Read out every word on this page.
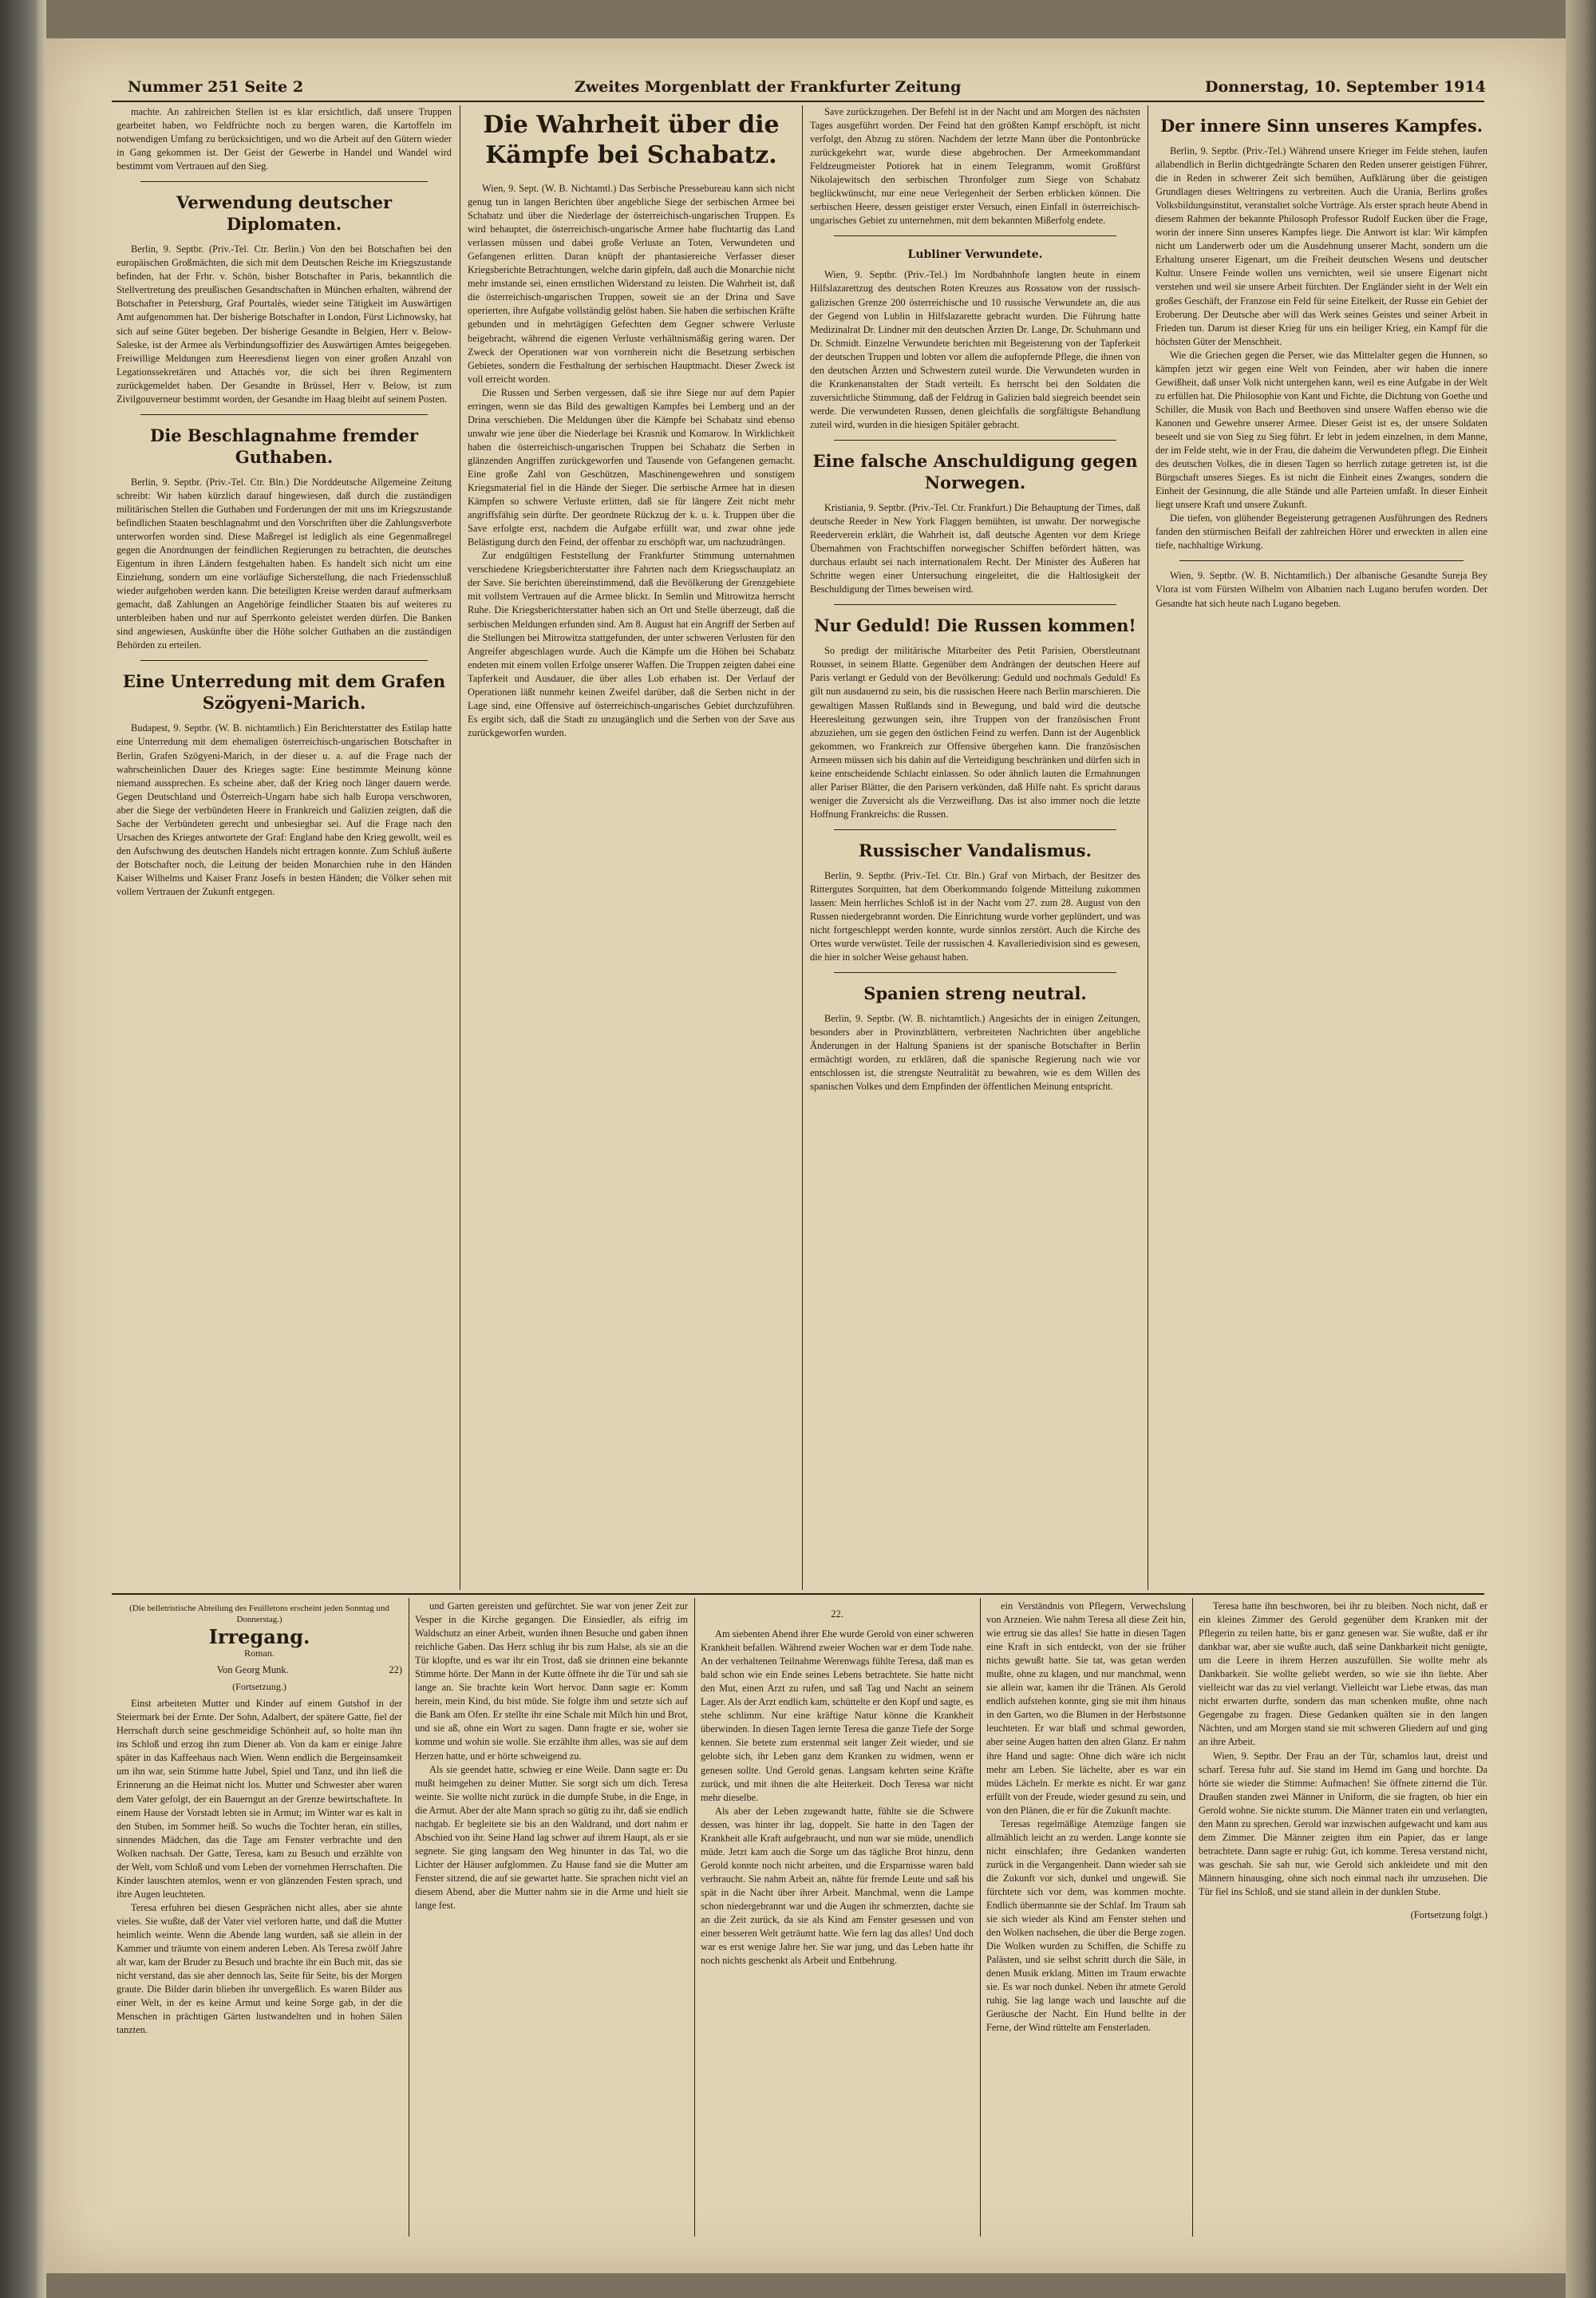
Nummer 251 Seite 2	Zweites Morgenblatt der Frankfurter Zeitung	Donnerstag, 10. September 1914

machte. An zahlreichen Stellen ist es klar ersichtlich, daß unsere Truppen gearbeitet haben, wo Feldfrüchte noch zu bergen waren, die Kartoffeln im notwendigen Umfang zu berücksichtigen, und wo die Arbeit auf den Gütern wieder in Gang gekommen ist. Der Geist der Gewerbe in Handel und Wandel wird bestimmt vom Vertrauen auf den Sieg.

Verwendung deutscher Diplomaten.

Berlin, 9. Septbr. (Priv.-Tel. Ctr. Berlin.) Von den bei Botschaften bei den europäischen Großmächten, die sich mit dem Deutschen Reiche im Kriegszustande befinden, hat der Frhr. v. Schön, bisher Botschafter in Paris, bekanntlich die Stellvertretung des preußischen Gesandtschaften in München erhalten, während der Botschafter in Petersburg, Graf Pourtalès, wieder seine Tätigkeit im Auswärtigen Amt aufgenommen hat. Der bisherige Botschafter in London, Fürst Lichnowsky, hat sich auf seine Güter begeben. Der bisherige Gesandte in Belgien, Herr v. Below-Saleske, ist der Armee als Verbindungsoffizier des Auswärtigen Amtes beigegeben. Freiwillige Meldungen zum Heeresdienst liegen von einer großen Anzahl von Legationssekretären und Attachés vor, die sich bei ihren Regimentern zurückgemeldet haben. Der Gesandte in Brüssel, Herr v. Below, ist zum Zivilgouverneur bestimmt worden, der Gesandte im Haag bleibt auf seinem Posten.

Die Beschlagnahme fremder Guthaben.

Berlin, 9. Septbr. (Priv.-Tel. Ctr. Bln.) Die Norddeutsche Allgemeine Zeitung schreibt: Wir haben kürzlich darauf hingewiesen, daß durch die zuständigen militärischen Stellen die Guthaben und Forderungen der mit uns im Kriegszustande befindlichen Staaten beschlagnahmt und den Vorschriften über die Zahlungsverbote unterworfen worden sind. Diese Maßregel ist lediglich als eine Gegenmaßregel gegen die Anordnungen der feindlichen Regierungen zu betrachten, die deutsches Eigentum in ihren Ländern festgehalten haben. Es handelt sich nicht um eine Einziehung, sondern um eine vorläufige Sicherstellung, die nach Friedensschluß wieder aufgehoben werden kann. Die beteiligten Kreise werden darauf aufmerksam gemacht, daß Zahlungen an Angehörige feindlicher Staaten bis auf weiteres zu unterbleiben haben und nur auf Sperrkonto geleistet werden dürfen. Die Banken sind angewiesen, Auskünfte über die Höhe solcher Guthaben an die zuständigen Behörden zu erteilen.

Eine Unterredung mit dem Grafen Szögyeni-Marich.

Budapest, 9. Septbr. (W. B. nichtamtlich.) Ein Berichterstatter des Estilap hatte eine Unterredung mit dem ehemaligen österreichisch-ungarischen Botschafter in Berlin, Grafen Szögyeni-Marich, in der dieser u. a. auf die Frage nach der wahrscheinlichen Dauer des Krieges sagte: Eine bestimmte Meinung könne niemand aussprechen. Es scheine aber, daß der Krieg noch länger dauern werde. Gegen Deutschland und Österreich-Ungarn habe sich halb Europa verschworen, aber die Siege der verbündeten Heere in Frankreich und Galizien zeigten, daß die Sache der Verbündeten gerecht und unbesiegbar sei. Auf die Frage nach den Ursachen des Krieges antwortete der Graf: England habe den Krieg gewollt, weil es den Aufschwung des deutschen Handels nicht ertragen konnte. Zum Schluß äußerte der Botschafter noch, die Leitung der beiden Monarchien ruhe in den Händen Kaiser Wilhelms und Kaiser Franz Josefs in besten Händen; die Völker sehen mit vollem Vertrauen der Zukunft entgegen.

Die Wahrheit über die Kämpfe bei Schabatz.

Wien, 9. Sept. (W. B. Nichtamtl.) Das Serbische Pressebureau kann sich nicht genug tun in langen Berichten über angebliche Siege der serbischen Armee bei Schabatz und über die Niederlage der österreichisch-ungarischen Truppen. Es wird behauptet, die österreichisch-ungarische Armee habe fluchtartig das Land verlassen müssen und dabei große Verluste an Toten, Verwundeten und Gefangenen erlitten. Daran knüpft der phantasiereiche Verfasser dieser Kriegsberichte Betrachtungen, welche darin gipfeln, daß auch die Monarchie nicht mehr imstande sei, einen ernstlichen Widerstand zu leisten. Die Wahrheit ist, daß die österreichisch-ungarischen Truppen, soweit sie an der Drina und Save operierten, ihre Aufgabe vollständig gelöst haben. Sie haben die serbischen Kräfte gebunden und in mehrtägigen Gefechten dem Gegner schwere Verluste beigebracht, während die eigenen Verluste verhältnismäßig gering waren. Der Zweck der Operationen war von vornherein nicht die Besetzung serbischen Gebietes, sondern die Festhaltung der serbischen Hauptmacht. Dieser Zweck ist voll erreicht worden.

Die Russen und Serben vergessen, daß sie ihre Siege nur auf dem Papier erringen, wenn sie das Bild des gewaltigen Kampfes bei Lemberg und an der Drina verschieben. Die Meldungen über die Kämpfe bei Schabatz sind ebenso unwahr wie jene über die Niederlage bei Krasnik und Komarow. In Wirklichkeit haben die österreichisch-ungarischen Truppen bei Schabatz die Serben in glänzenden Angriffen zurückgeworfen und Tausende von Gefangenen gemacht. Eine große Zahl von Geschützen, Maschinengewehren und sonstigem Kriegsmaterial fiel in die Hände der Sieger. Die serbische Armee hat in diesen Kämpfen so schwere Verluste erlitten, daß sie für längere Zeit nicht mehr angriffsfähig sein dürfte. Der geordnete Rückzug der k. u. k. Truppen über die Save erfolgte erst, nachdem die Aufgabe erfüllt war, und zwar ohne jede Belästigung durch den Feind, der offenbar zu erschöpft war, um nachzudrängen.

Zur endgültigen Feststellung der Frankfurter Stimmung unternahmen verschiedene Kriegsberichterstatter ihre Fahrten nach dem Kriegsschauplatz an der Save. Sie berichten übereinstimmend, daß die Bevölkerung der Grenzgebiete mit vollstem Vertrauen auf die Armee blickt. In Semlin und Mitrowitza herrscht Ruhe. Die Kriegsberichterstatter haben sich an Ort und Stelle überzeugt, daß die serbischen Meldungen erfunden sind. Am 8. August hat ein Angriff der Serben auf die Stellungen bei Mitrowitza stattgefunden, der unter schweren Verlusten für den Angreifer abgeschlagen wurde. Auch die Kämpfe um die Höhen bei Schabatz endeten mit einem vollen Erfolge unserer Waffen. Die Truppen zeigten dabei eine Tapferkeit und Ausdauer, die über alles Lob erhaben ist. Der Verlauf der Operationen läßt nunmehr keinen Zweifel darüber, daß die Serben nicht in der Lage sind, eine Offensive auf österreichisch-ungarisches Gebiet durchzuführen. Es ergibt sich, daß die Stadt zu unzugänglich und die Serben von der Save aus zurückgeworfen wurden.

Save zurückzugehen. Der Befehl ist in der Nacht und am Morgen des nächsten Tages ausgeführt worden. Der Feind hat den größten Kampf erschöpft, ist nicht verfolgt, den Abzug zu stören. Nachdem der letzte Mann über die Pontonbrücke zurückgekehrt war, wurde diese abgebrochen. Der Armeekommandant Feldzeugmeister Potiorek hat in einem Telegramm, womit Großfürst Nikolajewitsch den serbischen Thronfolger zum Siege von Schabatz beglückwünscht, nur eine neue Verlegenheit der Serben erblicken können. Die serbischen Heere, dessen geistiger erster Versuch, einen Einfall in österreichisch-ungarisches Gebiet zu unternehmen, mit dem bekannten Mißerfolg endete.

Lubliner Verwundete.

Wien, 9. Septbr. (Priv.-Tel.) Im Nordbahnhofe langten heute in einem Hilfslazarettzug des deutschen Roten Kreuzes aus Rossatow von der russisch-galizischen Grenze 200 österreichische und 10 russische Verwundete an, die aus der Gegend von Lublin in Hilfslazarette gebracht wurden. Die Führung hatte Medizinalrat Dr. Lindner mit den deutschen Ärzten Dr. Lange, Dr. Schuhmann und Dr. Schmidt. Einzelne Verwundete berichten mit Begeisterung von der Tapferkeit der deutschen Truppen und lobten vor allem die aufopfernde Pflege, die ihnen von den deutschen Ärzten und Schwestern zuteil wurde. Die Verwundeten wurden in die Krankenanstalten der Stadt verteilt. Es herrscht bei den Soldaten die zuversichtliche Stimmung, daß der Feldzug in Galizien bald siegreich beendet sein werde. Die verwundeten Russen, denen gleichfalls die sorgfältigste Behandlung zuteil wird, wurden in die hiesigen Spitäler gebracht.

Eine falsche Anschuldigung gegen Norwegen.

Kristiania, 9. Septbr. (Priv.-Tel. Ctr. Frankfurt.) Die Behauptung der Times, daß deutsche Reeder in New York Flaggen bemühten, ist unwahr. Der norwegische Reederverein erklärt, die Wahrheit ist, daß deutsche Agenten vor dem Kriege Übernahmen von Frachtschiffen norwegischer Schiffen befördert hätten, was durchaus erlaubt sei nach internationalem Recht. Der Minister des Äußeren hat Schritte wegen einer Untersuchung eingeleitet, die die Haltlosigkeit der Beschuldigung der Times beweisen wird.

Nur Geduld! Die Russen kommen!

So predigt der militärische Mitarbeiter des Petit Parisien, Oberstleutnant Rousset, in seinem Blatte. Gegenüber dem Andrängen der deutschen Heere auf Paris verlangt er Geduld von der Bevölkerung: Geduld und nochmals Geduld! Es gilt nun ausdauernd zu sein, bis die russischen Heere nach Berlin marschieren. Die gewaltigen Massen Rußlands sind in Bewegung, und bald wird die deutsche Heeresleitung gezwungen sein, ihre Truppen von der französischen Front abzuziehen, um sie gegen den östlichen Feind zu werfen. Dann ist der Augenblick gekommen, wo Frankreich zur Offensive übergehen kann. Die französischen Armeen müssen sich bis dahin auf die Verteidigung beschränken und dürfen sich in keine entscheidende Schlacht einlassen. So oder ähnlich lauten die Ermahnungen aller Pariser Blätter, die den Parisern verkünden, daß Hilfe naht. Es spricht daraus weniger die Zuversicht als die Verzweiflung. Das ist also immer noch die letzte Hoffnung Frankreichs: die Russen.

Russischer Vandalismus.

Berlin, 9. Septbr. (Priv.-Tel. Ctr. Bln.) Graf von Mirbach, der Besitzer des Rittergutes Sorquitten, hat dem Oberkommando folgende Mitteilung zukommen lassen: Mein herrliches Schloß ist in der Nacht vom 27. zum 28. August von den Russen niedergebrannt worden. Die Einrichtung wurde vorher geplündert, und was nicht fortgeschleppt werden konnte, wurde sinnlos zerstört. Auch die Kirche des Ortes wurde verwüstet. Teile der russischen 4. Kavalleriedivision sind es gewesen, die hier in solcher Weise gehaust haben.

Spanien streng neutral.

Berlin, 9. Septbr. (W. B. nichtamtlich.) Angesichts der in einigen Zeitungen, besonders aber in Provinzblättern, verbreiteten Nachrichten über angebliche Änderungen in der Haltung Spaniens ist der spanische Botschafter in Berlin ermächtigt worden, zu erklären, daß die spanische Regierung nach wie vor entschlossen ist, die strengste Neutralität zu bewahren, wie es dem Willen des spanischen Volkes und dem Empfinden der öffentlichen Meinung entspricht.

Der innere Sinn unseres Kampfes.

Berlin, 9. Septbr. (Priv.-Tel.) Während unsere Krieger im Felde stehen, laufen allabendlich in Berlin dichtgedrängte Scharen den Reden unserer geistigen Führer, die in Reden in schwerer Zeit sich bemühen, Aufklärung über die geistigen Grundlagen dieses Weltringens zu verbreiten. Auch die Urania, Berlins großes Volksbildungsinstitut, veranstaltet solche Vorträge. Als erster sprach heute Abend in diesem Rahmen der bekannte Philosoph Professor Rudolf Eucken über die Frage, worin der innere Sinn unseres Kampfes liege. Die Antwort ist klar: Wir kämpfen nicht um Landerwerb oder um die Ausdehnung unserer Macht, sondern um die Erhaltung unserer Eigenart, um die Freiheit deutschen Wesens und deutscher Kultur. Unsere Feinde wollen uns vernichten, weil sie unsere Eigenart nicht verstehen und weil sie unsere Arbeit fürchten. Der Engländer sieht in der Welt ein großes Geschäft, der Franzose ein Feld für seine Eitelkeit, der Russe ein Gebiet der Eroberung. Der Deutsche aber will das Werk seines Geistes und seiner Arbeit in Frieden tun. Darum ist dieser Krieg für uns ein heiliger Krieg, ein Kampf für die höchsten Güter der Menschheit.

Wie die Griechen gegen die Perser, wie das Mittelalter gegen die Hunnen, so kämpfen jetzt wir gegen eine Welt von Feinden, aber wir haben die innere Gewißheit, daß unser Volk nicht untergehen kann, weil es eine Aufgabe in der Welt zu erfüllen hat. Die Philosophie von Kant und Fichte, die Dichtung von Goethe und Schiller, die Musik von Bach und Beethoven sind unsere Waffen ebenso wie die Kanonen und Gewehre unserer Armee. Dieser Geist ist es, der unsere Soldaten beseelt und sie von Sieg zu Sieg führt. Er lebt in jedem einzelnen, in dem Manne, der im Felde steht, wie in der Frau, die daheim die Verwundeten pflegt. Die Einheit des deutschen Volkes, die in diesen Tagen so herrlich zutage getreten ist, ist die Bürgschaft unseres Sieges. Es ist nicht die Einheit eines Zwanges, sondern die Einheit der Gesinnung, die alle Stände und alle Parteien umfaßt. In dieser Einheit liegt unsere Kraft und unsere Zukunft.

Die tiefen, von glühender Begeisterung getragenen Ausführungen des Redners fanden den stürmischen Beifall der zahlreichen Hörer und erweckten in allen eine tiefe, nachhaltige Wirkung.

Wien, 9. Septbr. (W. B. Nichtamtlich.) Der albanische Gesandte Sureja Bey Vlora ist vom Fürsten Wilhelm von Albanien nach Lugano berufen worden. Der Gesandte hat sich heute nach Lugano begeben.

(Die belletristische Abteilung des Feuilletons erscheint jeden Sonntag und Donnerstag.)
Irregang.
Roman.
Von Georg Munk.	22)
(Fortsetzung.)

Einst arbeiteten Mutter und Kinder auf einem Gutshof in der Steiermark bei der Ernte. Der Sohn, Adalbert, der spätere Gatte, fiel der Herrschaft durch seine geschmeidige Schönheit auf, so holte man ihn ins Schloß und erzog ihn zum Diener ab. Von da kam er einige Jahre später in das Kaffeehaus nach Wien. Wenn endlich die Bergeinsamkeit um ihn war, sein Stimme hatte Jubel, Spiel und Tanz, und ihn ließ die Erinnerung an die Heimat nicht los. Mutter und Schwester aber waren dem Vater gefolgt, der ein Bauerngut an der Grenze bewirtschaftete. In einem Hause der Vorstadt lebten sie in Armut; im Winter war es kalt in den Stuben, im Sommer heiß. So wuchs die Tochter heran, ein stilles, sinnendes Mädchen, das die Tage am Fenster verbrachte und den Wolken nachsah. Der Gatte, Teresa, kam zu Besuch und erzählte von der Welt, vom Schloß und vom Leben der vornehmen Herrschaften. Die Kinder lauschten atemlos, wenn er von glänzenden Festen sprach, und ihre Augen leuchteten.

Teresa erfuhren bei diesen Gesprächen nicht alles, aber sie ahnte vieles. Sie wußte, daß der Vater viel verloren hatte, und daß die Mutter heimlich weinte. Wenn die Abende lang wurden, saß sie allein in der Kammer und träumte von einem anderen Leben. Als Teresa zwölf Jahre alt war, kam der Bruder zu Besuch und brachte ihr ein Buch mit, das sie nicht verstand, das sie aber dennoch las, Seite für Seite, bis der Morgen graute. Die Bilder darin blieben ihr unvergeßlich. Es waren Bilder aus einer Welt, in der es keine Armut und keine Sorge gab, in der die Menschen in prächtigen Gärten lustwandelten und in hohen Sälen tanzten.

und Garten gereisten und gefürchtet. Sie war von jener Zeit zur Vesper in die Kirche gegangen. Die Einsiedler, als eifrig im Waldschutz an einer Arbeit, wurden ihnen Besuche und gaben ihnen reichliche Gaben. Das Herz schlug ihr bis zum Halse, als sie an die Tür klopfte, und es war ihr ein Trost, daß sie drinnen eine bekannte Stimme hörte. Der Mann in der Kutte öffnete ihr die Tür und sah sie lange an. Sie brachte kein Wort hervor. Dann sagte er: Komm herein, mein Kind, du bist müde. Sie folgte ihm und setzte sich auf die Bank am Ofen. Er stellte ihr eine Schale mit Milch hin und Brot, und sie aß, ohne ein Wort zu sagen. Dann fragte er sie, woher sie komme und wohin sie wolle. Sie erzählte ihm alles, was sie auf dem Herzen hatte, und er hörte schweigend zu.

Als sie geendet hatte, schwieg er eine Weile. Dann sagte er: Du mußt heimgehen zu deiner Mutter. Sie sorgt sich um dich. Teresa weinte. Sie wollte nicht zurück in die dumpfe Stube, in die Enge, in die Armut. Aber der alte Mann sprach so gütig zu ihr, daß sie endlich nachgab. Er begleitete sie bis an den Waldrand, und dort nahm er Abschied von ihr. Seine Hand lag schwer auf ihrem Haupt, als er sie segnete. Sie ging langsam den Weg hinunter in das Tal, wo die Lichter der Häuser aufglommen. Zu Hause fand sie die Mutter am Fenster sitzend, die auf sie gewartet hatte. Sie sprachen nicht viel an diesem Abend, aber die Mutter nahm sie in die Arme und hielt sie lange fest.

22.

Am siebenten Abend ihrer Ehe wurde Gerold von einer schweren Krankheit befallen. Während zweier Wochen war er dem Tode nahe. An der verhaltenen Teilnahme Werenwags fühlte Teresa, daß man es bald schon wie ein Ende seines Lebens betrachtete. Sie hatte nicht den Mut, einen Arzt zu rufen, und saß Tag und Nacht an seinem Lager. Als der Arzt endlich kam, schüttelte er den Kopf und sagte, es stehe schlimm. Nur eine kräftige Natur könne die Krankheit überwinden. In diesen Tagen lernte Teresa die ganze Tiefe der Sorge kennen. Sie betete zum erstenmal seit langer Zeit wieder, und sie gelobte sich, ihr Leben ganz dem Kranken zu widmen, wenn er genesen sollte. Und Gerold genas. Langsam kehrten seine Kräfte zurück, und mit ihnen die alte Heiterkeit. Doch Teresa war nicht mehr dieselbe.

Als aber der Leben zugewandt hatte, fühlte sie die Schwere dessen, was hinter ihr lag, doppelt. Sie hatte in den Tagen der Krankheit alle Kraft aufgebraucht, und nun war sie müde, unendlich müde. Jetzt kam auch die Sorge um das tägliche Brot hinzu, denn Gerold konnte noch nicht arbeiten, und die Ersparnisse waren bald verbraucht. Sie nahm Arbeit an, nähte für fremde Leute und saß bis spät in die Nacht über ihrer Arbeit. Manchmal, wenn die Lampe schon niedergebrannt war und die Augen ihr schmerzten, dachte sie an die Zeit zurück, da sie als Kind am Fenster gesessen und von einer besseren Welt geträumt hatte. Wie fern lag das alles! Und doch war es erst wenige Jahre her. Sie war jung, und das Leben hatte ihr noch nichts geschenkt als Arbeit und Entbehrung.

ein Verständnis von Pflegern, Verwechslung von Arzneien. Wie nahm Teresa all diese Zeit hin, wie ertrug sie das alles! Sie hatte in diesen Tagen eine Kraft in sich entdeckt, von der sie früher nichts gewußt hatte. Sie tat, was getan werden mußte, ohne zu klagen, und nur manchmal, wenn sie allein war, kamen ihr die Tränen. Als Gerold endlich aufstehen konnte, ging sie mit ihm hinaus in den Garten, wo die Blumen in der Herbstsonne leuchteten. Er war blaß und schmal geworden, aber seine Augen hatten den alten Glanz. Er nahm ihre Hand und sagte: Ohne dich wäre ich nicht mehr am Leben. Sie lächelte, aber es war ein müdes Lächeln. Er merkte es nicht. Er war ganz erfüllt von der Freude, wieder gesund zu sein, und von den Plänen, die er für die Zukunft machte.

Teresas regelmäßige Atemzüge fangen sie allmählich leicht an zu werden. Lange konnte sie nicht einschlafen; ihre Gedanken wanderten zurück in die Vergangenheit. Dann wieder sah sie die Zukunft vor sich, dunkel und ungewiß. Sie fürchtete sich vor dem, was kommen mochte. Endlich übermannte sie der Schlaf. Im Traum sah sie sich wieder als Kind am Fenster stehen und den Wolken nachsehen, die über die Berge zogen. Die Wolken wurden zu Schiffen, die Schiffe zu Palästen, und sie selbst schritt durch die Säle, in denen Musik erklang. Mitten im Traum erwachte sie. Es war noch dunkel. Neben ihr atmete Gerold ruhig. Sie lag lange wach und lauschte auf die Geräusche der Nacht. Ein Hund bellte in der Ferne, der Wind rüttelte am Fensterladen.

Teresa hatte ihn beschworen, bei ihr zu bleiben. Noch nicht, daß er ein kleines Zimmer des Gerold gegenüber dem Kranken mit der Pflegerin zu teilen hatte, bis er ganz genesen war. Sie wußte, daß er ihr dankbar war, aber sie wußte auch, daß seine Dankbarkeit nicht genügte, um die Leere in ihrem Herzen auszufüllen. Sie wollte mehr als Dankbarkeit. Sie wollte geliebt werden, so wie sie ihn liebte. Aber vielleicht war das zu viel verlangt. Vielleicht war Liebe etwas, das man nicht erwarten durfte, sondern das man schenken mußte, ohne nach Gegengabe zu fragen. Diese Gedanken quälten sie in den langen Nächten, und am Morgen stand sie mit schweren Gliedern auf und ging an ihre Arbeit.

Wien, 9. Septbr. Der Frau an der Tür, schamlos laut, dreist und scharf. Teresa fuhr auf. Sie stand im Hemd im Gang und horchte. Da hörte sie wieder die Stimme: Aufmachen! Sie öffnete zitternd die Tür. Draußen standen zwei Männer in Uniform, die sie fragten, ob hier ein Gerold wohne. Sie nickte stumm. Die Männer traten ein und verlangten, den Mann zu sprechen. Gerold war inzwischen aufgewacht und kam aus dem Zimmer. Die Männer zeigten ihm ein Papier, das er lange betrachtete. Dann sagte er ruhig: Gut, ich komme. Teresa verstand nicht, was geschah. Sie sah nur, wie Gerold sich ankleidete und mit den Männern hinausging, ohne sich noch einmal nach ihr umzusehen. Die Tür fiel ins Schloß, und sie stand allein in der dunklen Stube.

(Fortsetzung folgt.)
